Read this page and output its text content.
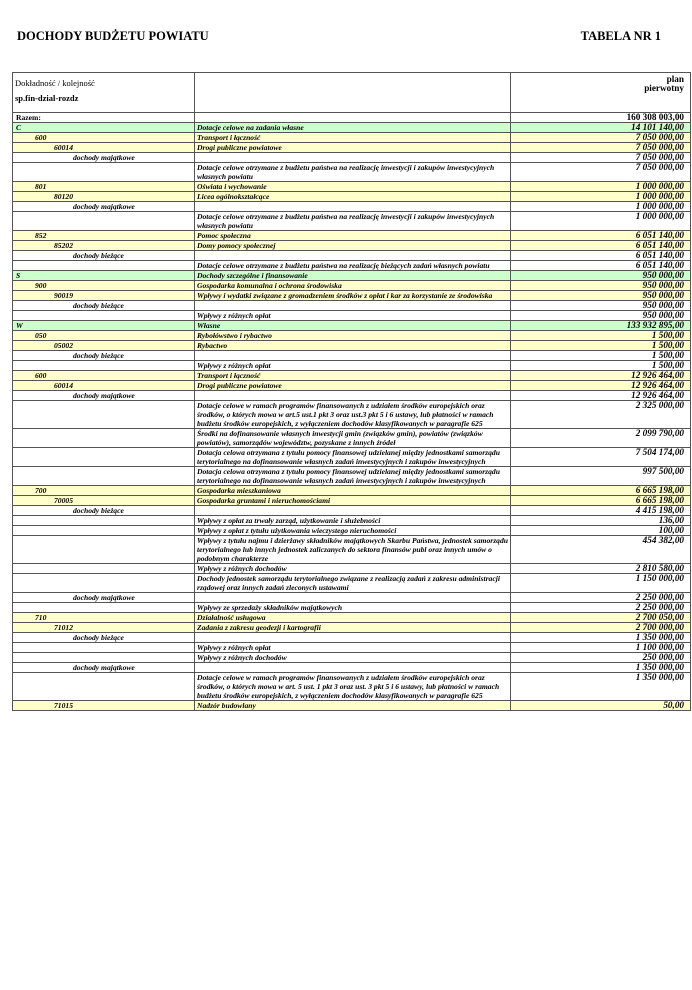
DOCHODY BUDŻETU POWIATU	TABELA NR 1
Dokładność / kolejność
sp.fin-dzial-rozdz		plan
pierwotny

Razem:		160 308 003,00
C	Dotacje celowe na zadania własne	14 101 140,00
600	Transport i łączność	7 050 000,00
60014	Drogi publiczne powiatowe	7 050 000,00
dochody majątkowe		7 050 000,00
	Dotacje celowe otrzymane z budżetu państwa na realizację inwestycji i zakupów inwestycyjnych własnych powiatu	7 050 000,00
801	Oświata i wychowanie	1 000 000,00
80120	Licea ogólnokształcące	1 000 000,00
dochody majątkowe		1 000 000,00
	Dotacje celowe otrzymane z budżetu państwa na realizację inwestycji i zakupów inwestycyjnych własnych powiatu	1 000 000,00
852	Pomoc społeczna	6 051 140,00
85202	Domy pomocy społecznej	6 051 140,00
dochody bieżące		6 051 140,00
	Dotacje celowe otrzymane z budżetu państwa na realizację bieżących zadań własnych powiatu	6 051 140,00
S	Dochody szczególne i finansowanie	950 000,00
900	Gospodarka komunalna i ochrona środowiska	950 000,00
90019	Wpływy i wydatki związane z gromadzeniem środków z opłat i kar za korzystanie ze środowiska	950 000,00
dochody bieżące		950 000,00
	Wpływy z różnych opłat	950 000,00
W	Własne	133 932 895,00
050	Rybołówstwo i rybactwo	1 500,00
05002	Rybactwo	1 500,00
dochody bieżące		1 500,00
	Wpływy z różnych opłat	1 500,00
600	Transport i łączność	12 926 464,00
60014	Drogi publiczne powiatowe	12 926 464,00
dochody majątkowe		12 926 464,00
	Dotacje celowe w ramach programów finansowanych z udziałem środków europejskich oraz środków, o których mowa w art.5 ust.1 pkt 3 oraz ust.3 pkt 5 i 6 ustawy, lub płatności w ramach budżetu środków europejskich, z wyłączeniem dochodów klasyfikowanych w paragrafie 625	2 325 000,00
	Środki na dofinansowanie własnych inwestycji gmin (związków gmin), powiatów (związków powiatów), samorządów województw, pozyskane z innych źródeł	2 099 790,00
	Dotacja celowa otrzymana z tytułu pomocy finansowej udzielanej między jednostkami samorządu terytorialnego na dofinansowanie własnych zadań inwestycyjnych i zakupów inwestycyjnych	7 504 174,00
	Dotacja celowa otrzymana z tytułu pomocy finansowej udzielanej między jednostkami samorządu terytorialnego na dofinansowanie własnych zadań inwestycyjnych i zakupów inwestycyjnych	997 500,00
700	Gospodarka mieszkaniowa	6 665 198,00
70005	Gospodarka gruntami i nieruchomościami	6 665 198,00
dochody bieżące		4 415 198,00
	Wpływy z opłat za trwały zarząd, użytkowanie i służebności	136,00
	Wpływy z opłat z tytułu użytkowania wieczystego nieruchomości	100,00
	Wpływy z tytułu najmu i dzierżawy składników majątkowych Skarbu Państwa, jednostek samorządu terytorialnego lub innych jednostek zaliczanych do sektora finansów publ oraz innych umów o podobnym charakterze	454 382,00
	Wpływy z różnych dochodów	2 810 580,00
	Dochody jednostek samorządu terytorialnego związane z realizacją zadań z zakresu administracji rządowej oraz innych zadań zleconych ustawami	1 150 000,00
dochody majątkowe		2 250 000,00
	Wpływy ze sprzedaży składników majątkowych	2 250 000,00
710	Działalność usługowa	2 700 050,00
71012	Zadania z zakresu geodezji i kartografii	2 700 000,00
dochody bieżące		1 350 000,00
	Wpływy z różnych opłat	1 100 000,00
	Wpływy z różnych dochodów	250 000,00
dochody majątkowe		1 350 000,00
	Dotacje celowe w ramach programów finansowanych z udziałem środków europejskich oraz środków, o których mowa w art. 5 ust. 1 pkt 3 oraz ust. 3 pkt 5 i 6 ustawy, lub płatności w ramach budżetu środków europejskich, z wyłączeniem dochodów klasyfikowanych w paragrafie 625	1 350 000,00
71015	Nadzór budowlany	50,00
